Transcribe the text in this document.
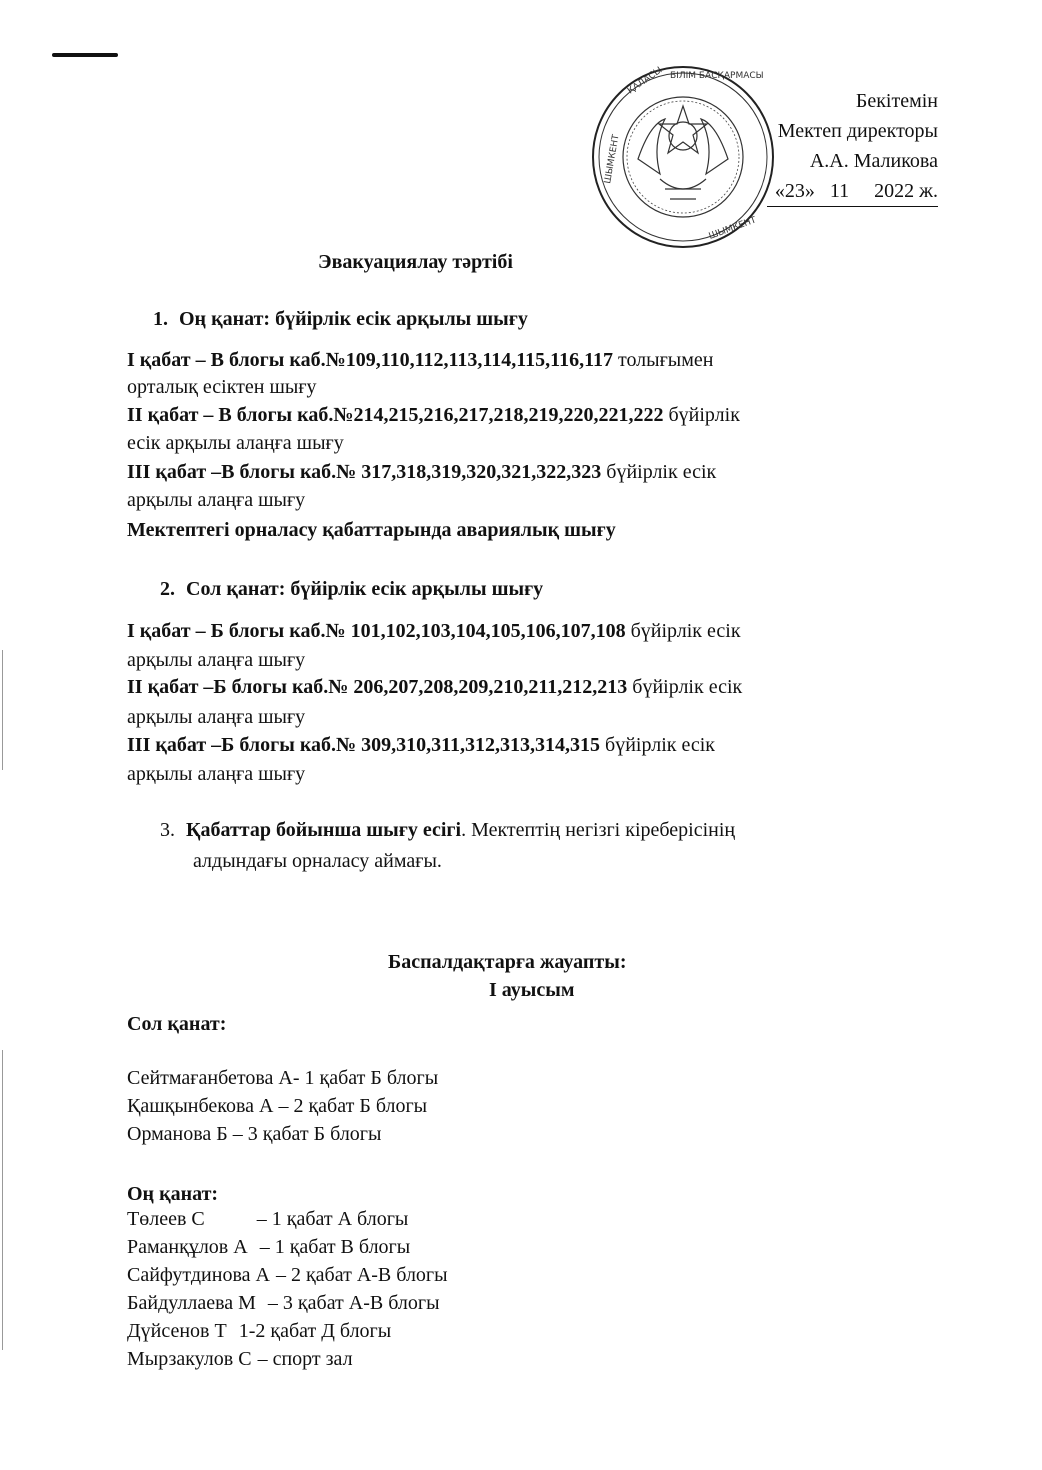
ҚАЛАСЫ БІЛІМ БАСҚАРМАСЫ
ШЫМКЕНТ
ШЫМКЕНТ
Бекітемін
Мектеп директоры
А.А. Маликова
«23» 11 2022 ж.
Эвакуациялау тәртібі
1. Оң қанат: бүйірлік есік арқылы шығу
I қабат – В блогы каб.№109,110,112,113,114,115,116,117 толығымен
орталық есіктен шығу
II қабат – В блогы каб.№214,215,216,217,218,219,220,221,222 бүйірлік
есік арқылы алаңға шығу
III қабат –В блогы каб.№ 317,318,319,320,321,322,323 бүйірлік есік
арқылы алаңға шығу
Мектептегі орналасу қабаттарында авариялық шығу
2. Сол қанат: бүйірлік есік арқылы шығу
I қабат – Б блогы каб.№ 101,102,103,104,105,106,107,108 бүйірлік есік
арқылы алаңға шығу
II қабат –Б блогы каб.№ 206,207,208,209,210,211,212,213 бүйірлік есік
арқылы алаңға шығу
III қабат –Б блогы каб.№ 309,310,311,312,313,314,315 бүйірлік есік
арқылы алаңға шығу
3. Қабаттар бойынша шығу есігі. Мектептің негізгі кіреберісінің
алдындағы орналасу аймағы.
Баспалдақтарға жауапты:
I ауысым
Сол қанат:
Сейтмағанбетова А- 1 қабат Б блогы
Қашқынбекова А – 2 қабат Б блогы
Орманова Б – 3 қабат Б блогы
Оң қанат:
Төлеев С	– 1 қабат А блогы
Раманқұлов А – 1 қабат В блогы
Сайфутдинова А – 2 қабат А-В блогы
Байдуллаева М – 3 қабат А-В блогы
Дүйсенов Т 1-2 қабат Д блогы
Мырзакулов С – спорт зал
